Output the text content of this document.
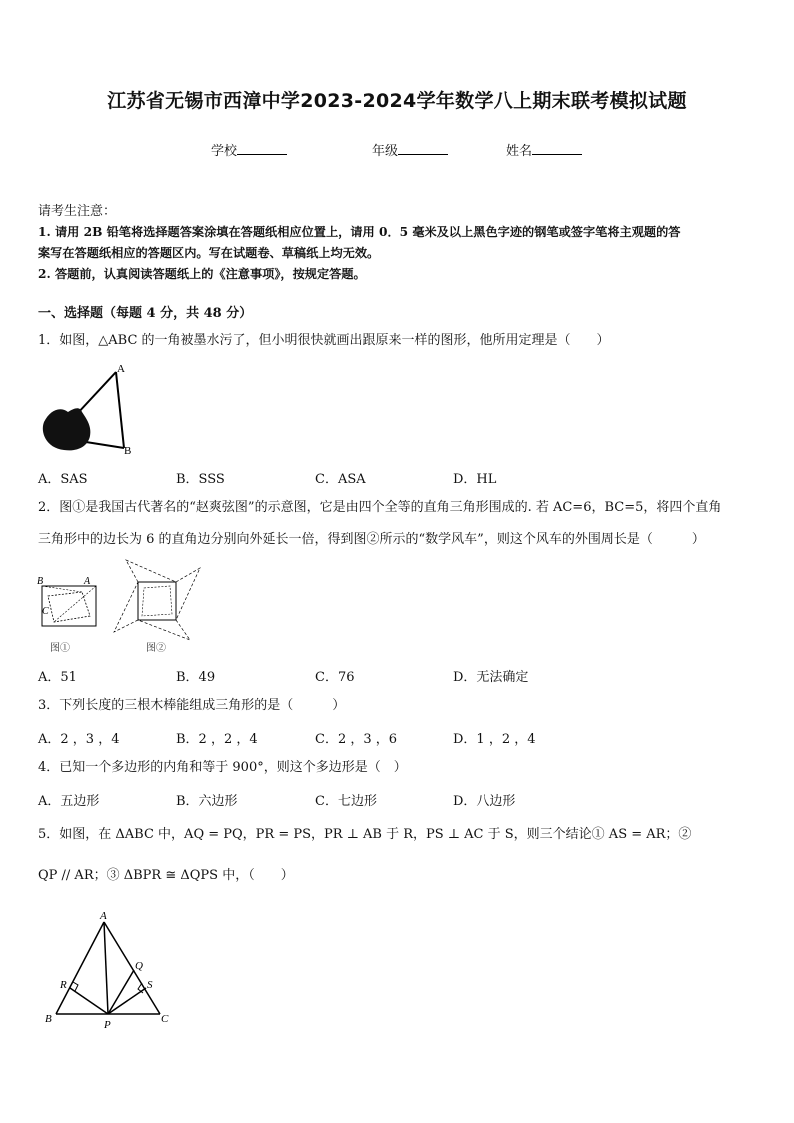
江苏省无锡市西漳中学2023-2024学年数学八上期末联考模拟试题
学校	年级	姓名
请考生注意：
1. 请用 2B 铅笔将选择题答案涂填在答题纸相应位置上，请用 0．5 毫米及以上黑色字迹的钢笔或签字笔将主观题的答
案写在答题纸相应的答题区内。写在试题卷、草稿纸上均无效。
2. 答题前，认真阅读答题纸上的《注意事项》，按规定答题。
一、选择题（每题 4 分，共 48 分）
1．如图，△ABC 的一角被墨水污了，但小明很快就画出跟原来一样的图形，他所用定理是（　　）
A
B
A．SAS	B．SSS	C．ASA	D．HL
2．图①是我国古代著名的“赵爽弦图”的示意图，它是由四个全等的直角三角形围成的. 若 AC=6，BC=5，将四个直角
三角形中的边长为 6 的直角边分别向外延长一倍，得到图②所示的“数学风车”，则这个风车的外围周长是（　　　）
B	A
C
图①	图②
A．51	B．49	C．76	D．无法确定
3．下列长度的三根木棒能组成三角形的是（　　　）
A．2 ，3 ，4	B．2 ，2 ，4	C．2 ，3 ，6	D．1 ，2 ，4
4．已知一个多边形的内角和等于 900°，则这个多边形是（　）
A．五边形	B．六边形	C．七边形	D．八边形
5．如图，在 ΔABC 中，AQ = PQ，PR = PS，PR ⊥ AB 于 R，PS ⊥ AC 于 S，则三个结论① AS = AR；②
QP // AR；③ ΔBPR ≅ ΔQPS 中，（　　）
A
B	C
P
Q
R	S
